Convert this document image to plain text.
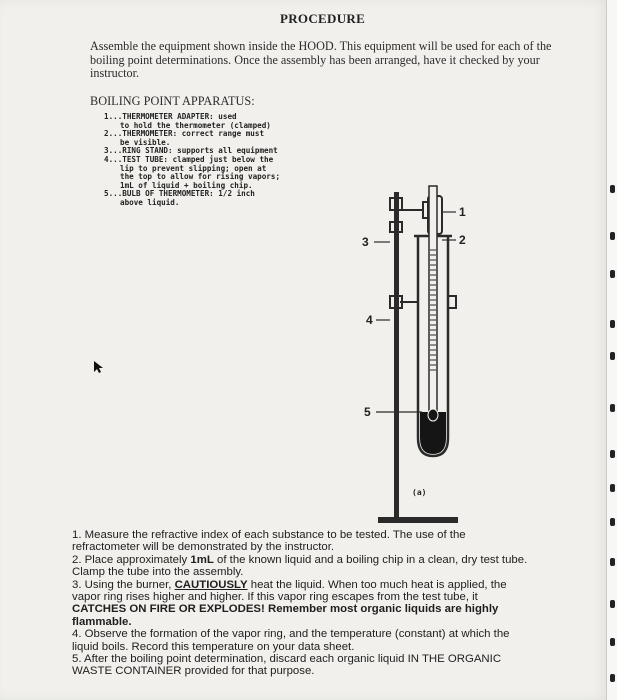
PROCEDURE

Assemble the equipment shown inside the HOOD. This equipment will be used for each of the boiling point determinations. Once the assembly has been arranged, have it checked by your instructor.

BOILING POINT APPARATUS:
1...THERMOMETER ADAPTER: used
to hold the thermometer (clamped)
2...THERMOMETER: correct range must
be visible.
3...RING STAND: supports all equipment
4...TEST TUBE: clamped just below the
lip to prevent slipping; open at
the top to allow for rising vapors;
1mL of liquid + boiling chip.
5...BULB OF THERMOMETER: 1/2 inch
above liquid.
1
2
3
4
5
(a)
1. Measure the refractive index of each substance to be tested. The use of the refractometer will be demonstrated by the instructor.
2. Place approximately 1mL of the known liquid and a boiling chip in a clean, dry test tube. Clamp the tube into the assembly.
3. Using the burner, CAUTIOUSLY heat the liquid. When too much heat is applied, the vapor ring rises higher and higher. If this vapor ring escapes from the test tube, it CATCHES ON FIRE OR EXPLODES! Remember most organic liquids are highly flammable.
4. Observe the formation of the vapor ring, and the temperature (constant) at which the liquid boils. Record this temperature on your data sheet.
5. After the boiling point determination, discard each organic liquid IN THE ORGANIC WASTE CONTAINER provided for that purpose.
